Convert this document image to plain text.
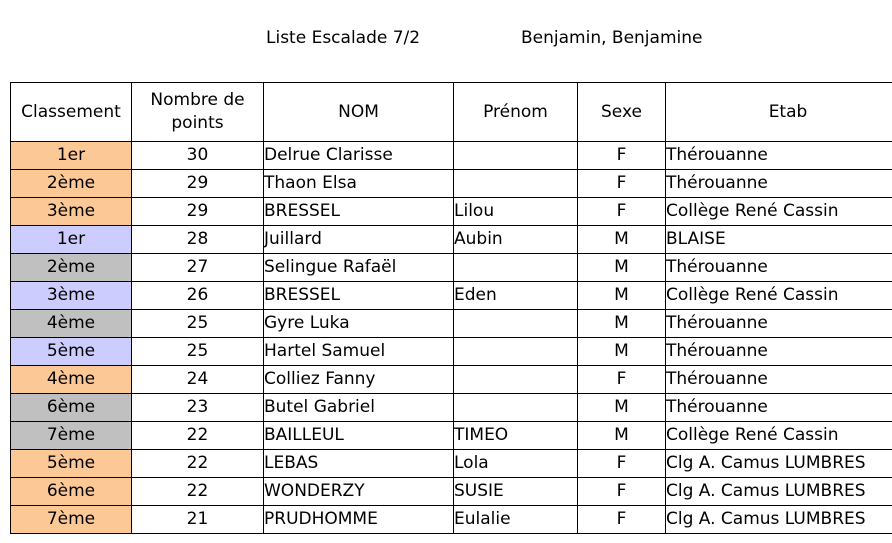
Liste Escalade 7/2	Benjamin, Benjamine
Classement	Nombre de points	NOM	Prénom	Sexe	Etab
1er	30	Delrue Clarisse		F	Thérouanne
2ème	29	Thaon Elsa		F	Thérouanne
3ème	29	BRESSEL	Lilou	F	Collège René Cassin
1er	28	Juillard	Aubin	M	BLAISE
2ème	27	Selingue Rafaël		M	Thérouanne
3ème	26	BRESSEL	Eden	M	Collège René Cassin
4ème	25	Gyre Luka		M	Thérouanne
5ème	25	Hartel Samuel		M	Thérouanne
4ème	24	Colliez Fanny		F	Thérouanne
6ème	23	Butel Gabriel		M	Thérouanne
7ème	22	BAILLEUL	TIMEO	M	Collège René Cassin
5ème	22	LEBAS	Lola	F	Clg A. Camus LUMBRES
6ème	22	WONDERZY	SUSIE	F	Clg A. Camus LUMBRES
7ème	21	PRUDHOMME	Eulalie	F	Clg A. Camus LUMBRES
